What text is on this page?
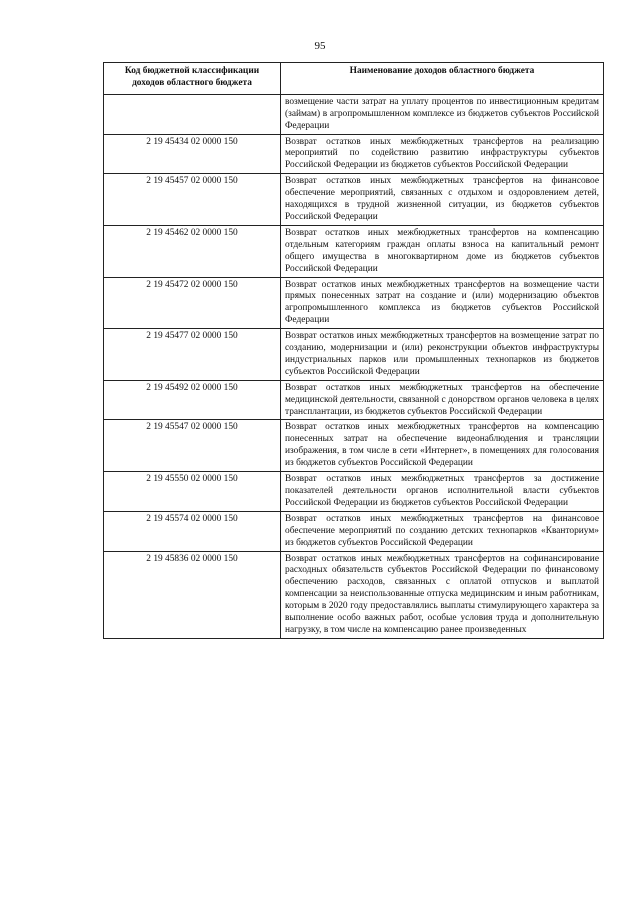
95
Код бюджетной классификации доходов областного бюджета	Наименование доходов областного бюджета
	возмещение части затрат на уплату процентов по инвестиционным кредитам (займам) в агропромышленном комплексе из бюджетов субъектов Российской Федерации
2 19 45434 02 0000 150	Возврат остатков иных межбюджетных трансфертов на реализацию мероприятий по содействию развитию инфраструктуры субъектов Российской Федерации из бюджетов субъектов Российской Федерации
2 19 45457 02 0000 150	Возврат остатков иных межбюджетных трансфертов на финансовое обеспечение мероприятий, связанных с отдыхом и оздоровлением детей, находящихся в трудной жизненной ситуации, из бюджетов субъектов Российской Федерации
2 19 45462 02 0000 150	Возврат остатков иных межбюджетных трансфертов на компенсацию отдельным категориям граждан оплаты взноса на капитальный ремонт общего имущества в многоквартирном доме из бюджетов субъектов Российской Федерации
2 19 45472 02 0000 150	Возврат остатков иных межбюджетных трансфертов на возмещение части прямых понесенных затрат на создание и (или) модернизацию объектов агропромышленного комплекса из бюджетов субъектов Российской Федерации
2 19 45477 02 0000 150	Возврат остатков иных межбюджетных трансфертов на возмещение затрат по созданию, модернизации и (или) реконструкции объектов инфраструктуры индустриальных парков или промышленных технопарков из бюджетов субъектов Российской Федерации
2 19 45492 02 0000 150	Возврат остатков иных межбюджетных трансфертов на обеспечение медицинской деятельности, связанной с донорством органов человека в целях трансплантации, из бюджетов субъектов Российской Федерации
2 19 45547 02 0000 150	Возврат остатков иных межбюджетных трансфертов на компенсацию понесенных затрат на обеспечение видеонаблюдения и трансляции изображения, в том числе в сети «Интернет», в помещениях для голосования из бюджетов субъектов Российской Федерации
2 19 45550 02 0000 150	Возврат остатков иных межбюджетных трансфертов за достижение показателей деятельности органов исполнительной власти субъектов Российской Федерации из бюджетов субъектов Российской Федерации
2 19 45574 02 0000 150	Возврат остатков иных межбюджетных трансфертов на финансовое обеспечение мероприятий по созданию детских технопарков «Кванториум» из бюджетов субъектов Российской Федерации
2 19 45836 02 0000 150	Возврат остатков иных межбюджетных трансфертов на софинансирование расходных обязательств субъектов Российской Федерации по финансовому обеспечению расходов, связанных с оплатой отпусков и выплатой компенсации за неиспользованные отпуска медицинским и иным работникам, которым в 2020 году предоставлялись выплаты стимулирующего характера за выполнение особо важных работ, особые условия труда и дополнительную нагрузку, в том числе на компенсацию ранее произведенных
